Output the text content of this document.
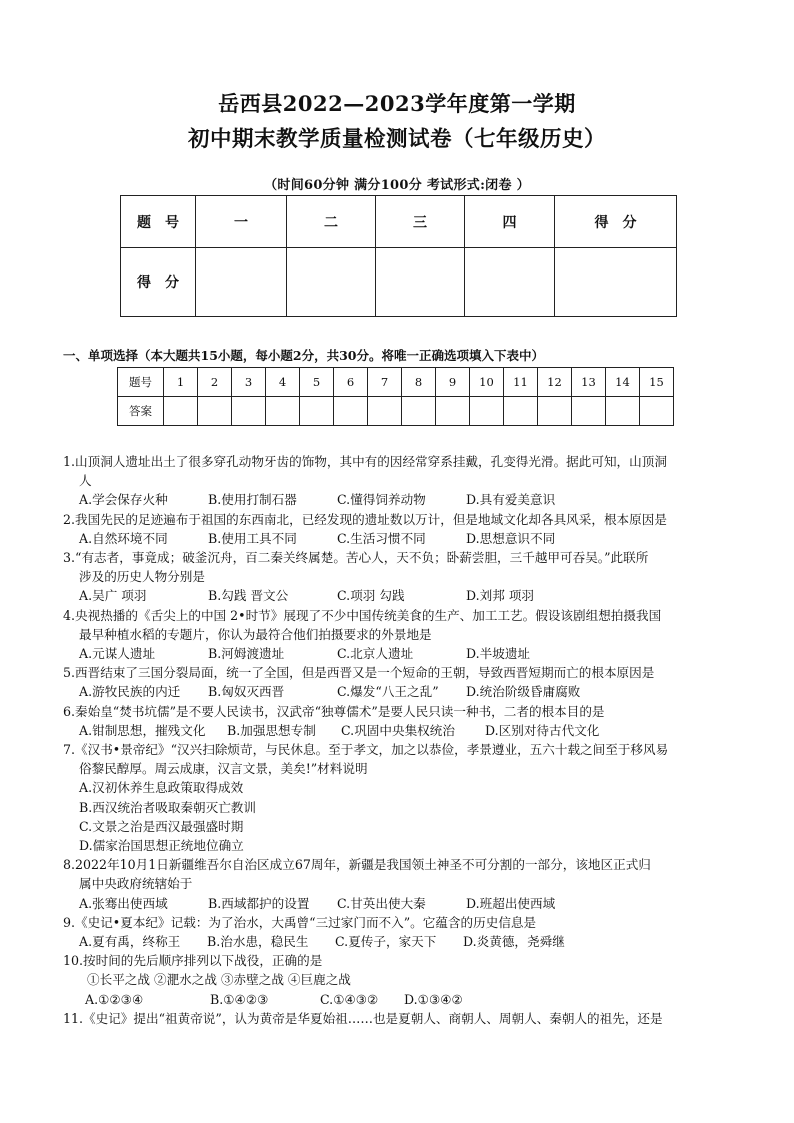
岳西县2022—2023学年度第一学期
初中期末教学质量检测试卷（七年级历史）
（时间60分钟 满分100分 考试形式:闭卷 ）
题　号	一	二	三	四	得　分
得　分					
一、单项选择（本大题共15小题，每小题2分，共30分。将唯一正确选项填入下表中）
题号	1	2	3	4	5	6	7	8	9	10	11	12	13	14	15
答案															
1.山顶洞人遗址出土了很多穿孔动物牙齿的饰物，其中有的因经常穿系挂戴，孔变得光滑。据此可知，山顶洞
人
A.学会保存火种	B.使用打制石器	C.懂得饲养动物	D.具有爱美意识
2.我国先民的足迹遍布于祖国的东西南北，已经发现的遗址数以万计，但是地域文化却各具风采，根本原因是
A.自然环境不同	B.使用工具不同	C.生活习惯不同	D.思想意识不同
3.“有志者，事竟成；破釜沉舟，百二秦关终属楚。苦心人，天不负；卧薪尝胆，三千越甲可吞吴。”此联所
涉及的历史人物分别是
A.吴广 项羽	B.勾践 晋文公	C.项羽 勾践	D.刘邦 项羽
4.央视热播的《舌尖上的中国 2•时节》展现了不少中国传统美食的生产、加工工艺。假设该剧组想拍摄我国
最早种植水稻的专题片，你认为最符合他们拍摄要求的外景地是
A.元谋人遗址	B.河姆渡遗址	C.北京人遗址	D.半坡遗址
5.西晋结束了三国分裂局面，统一了全国，但是西晋又是一个短命的王朝，导致西晋短期而亡的根本原因是
A.游牧民族的内迁 B.匈奴灭西晋	C.爆发“八王之乱” D.统治阶级昏庸腐败
6.秦始皇“焚书坑儒”是不要人民读书，汉武帝“独尊儒术”是要人民只读一种书，二者的根本目的是
A.钳制思想，摧残文化 B.加强思想专制 C.巩固中央集权统治 D.区别对待古代文化
7.《汉书•景帝纪》“汉兴扫除烦苛，与民休息。至于孝文，加之以恭俭，孝景遵业，五六十载之间至于移风易
俗黎民醇厚。周云成康，汉言文景，美矣!”材料说明
A.汉初休养生息政策取得成效
B.西汉统治者吸取秦朝灭亡教训
C.文景之治是西汉最强盛时期
D.儒家治国思想正统地位确立
8.2022年10月1日新疆维吾尔自治区成立67周年，新疆是我国领土神圣不可分割的一部分，该地区正式归
属中央政府统辖始于
A.张骞出使西域	B.西域都护的设置 C.甘英出使大秦	D.班超出使西域
9.《史记•夏本纪》记载：为了治水，大禹曾“三过家门而不入”。它蕴含的历史信息是
A.夏有禹，终称王 B.治水患，稳民生 C.夏传子，家天下 D.炎黄德，尧舜继
10.按时间的先后顺序排列以下战役，正确的是
①长平之战 ②淝水之战 ③赤壁之战 ④巨鹿之战
A.①②③④	B.①④②③	C.①④③② D.①③④②
11.《史记》提出“祖黄帝说”，认为黄帝是华夏始祖……也是夏朝人、商朝人、周朝人、秦朝人的祖先，还是
